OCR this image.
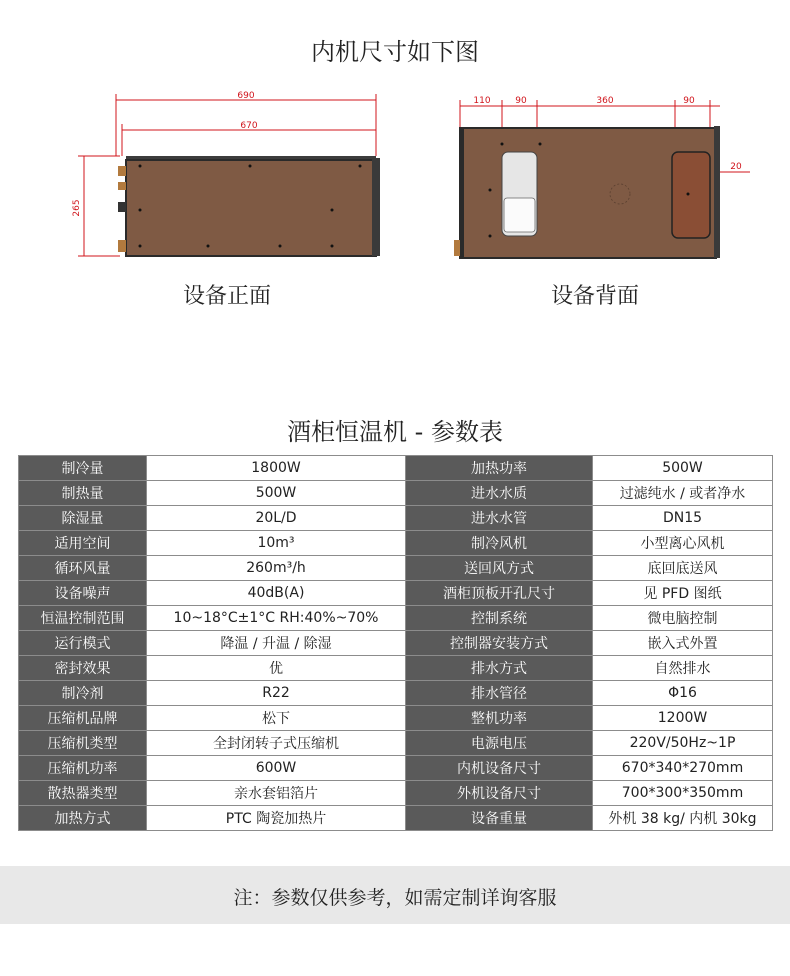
内机尺寸如下图
690
670
265
设备正面
110	90	360	90
20
设备背面
酒柜恒温机 - 参数表
制冷量	1800W	加热功率	500W
制热量	500W	进水水质	过滤纯水 / 或者净水
除湿量	20L/D	进水水管	DN15
适用空间	10m³	制冷风机	小型离心风机
循环风量	260m³/h	送回风方式	底回底送风
设备噪声	40dB(A)	酒柜顶板开孔尺寸	见 PFD 图纸
恒温控制范围	10~18°C±1°C RH:40%~70%	控制系统	微电脑控制
运行模式	降温 / 升温 / 除湿	控制器安装方式	嵌入式外置
密封效果	优	排水方式	自然排水
制冷剂	R22	排水管径	Φ16
压缩机品牌	松下	整机功率	1200W
压缩机类型	全封闭转子式压缩机	电源电压	220V/50Hz~1P
压缩机功率	600W	内机设备尺寸	670*340*270mm
散热器类型	亲水套铝箔片	外机设备尺寸	700*300*350mm
加热方式	PTC 陶瓷加热片	设备重量	外机 38 kg/ 内机 30kg
注：参数仅供参考，如需定制详询客服
